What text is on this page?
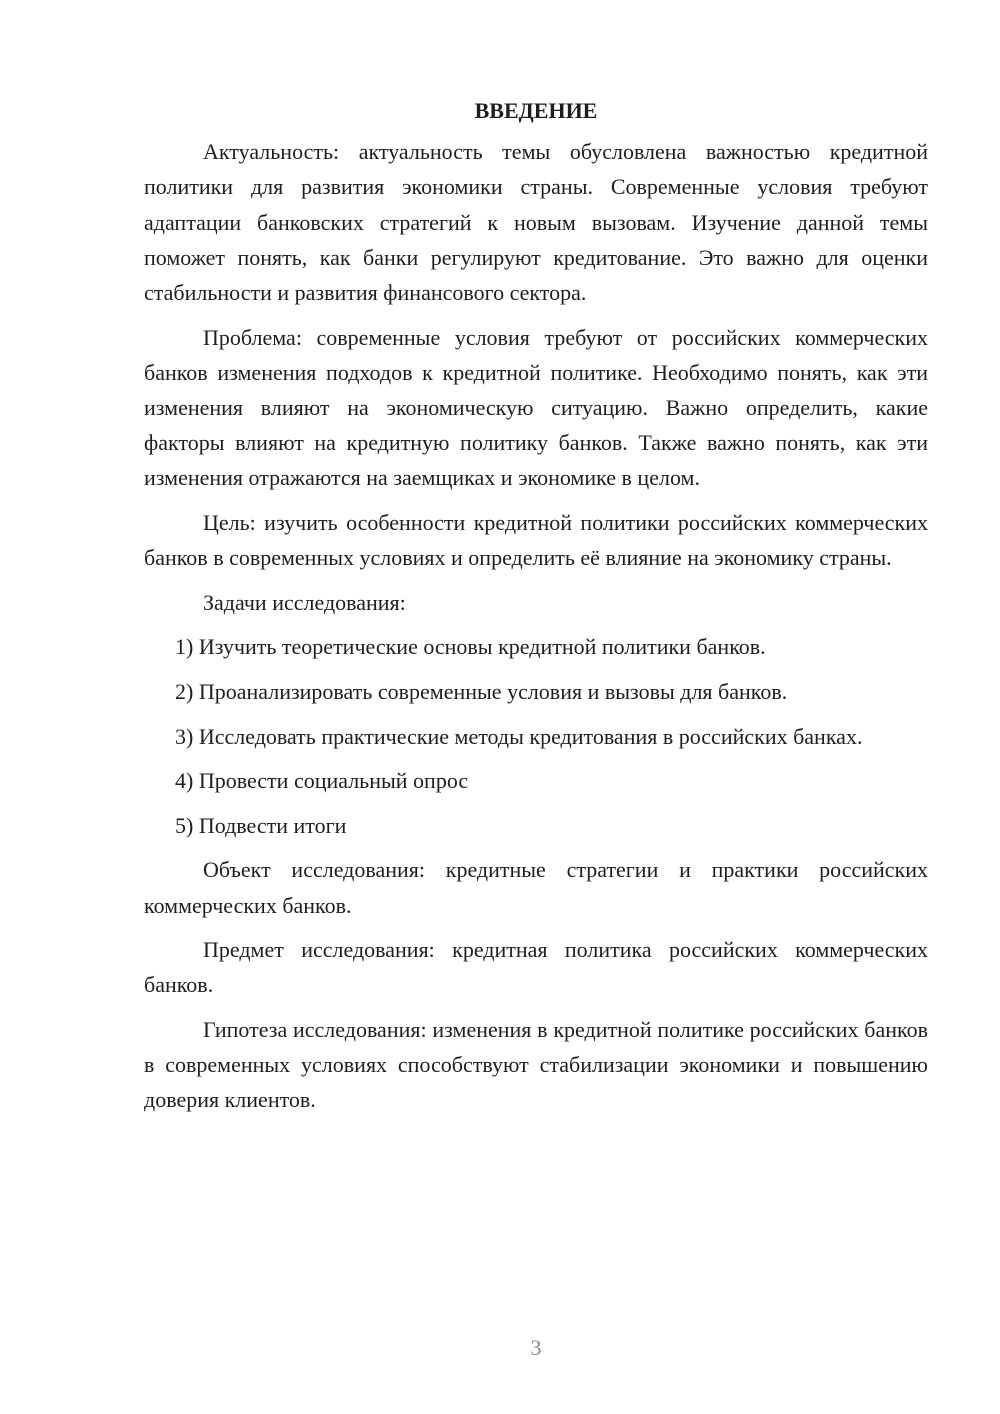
ВВЕДЕНИЕ

Актуальность: актуальность темы обусловлена важностью кредитной политики для развития экономики страны. Современные условия требуют адаптации банковских стратегий к новым вызовам. Изучение данной темы поможет понять, как банки регулируют кредитование. Это важно для оценки стабильности и развития финансового сектора.

Проблема: современные условия требуют от российских коммерческих банков изменения подходов к кредитной политике. Необходимо понять, как эти изменения влияют на экономическую ситуацию. Важно определить, какие факторы влияют на кредитную политику банков. Также важно понять, как эти изменения отражаются на заемщиках и экономике в целом.

Цель: изучить особенности кредитной политики российских коммерческих банков в современных условиях и определить её влияние на экономику страны.

Задачи исследования:

1) Изучить теоретические основы кредитной политики банков.

2) Проанализировать современные условия и вызовы для банков.

3) Исследовать практические методы кредитования в российских банках.

4) Провести социальный опрос

5) Подвести итоги

Объект исследования: кредитные стратегии и практики российских коммерческих банков.

Предмет исследования: кредитная политика российских коммерческих банков.

Гипотеза исследования: изменения в кредитной политике российских банков в современных условиях способствуют стабилизации экономики и повышению доверия клиентов.

3
